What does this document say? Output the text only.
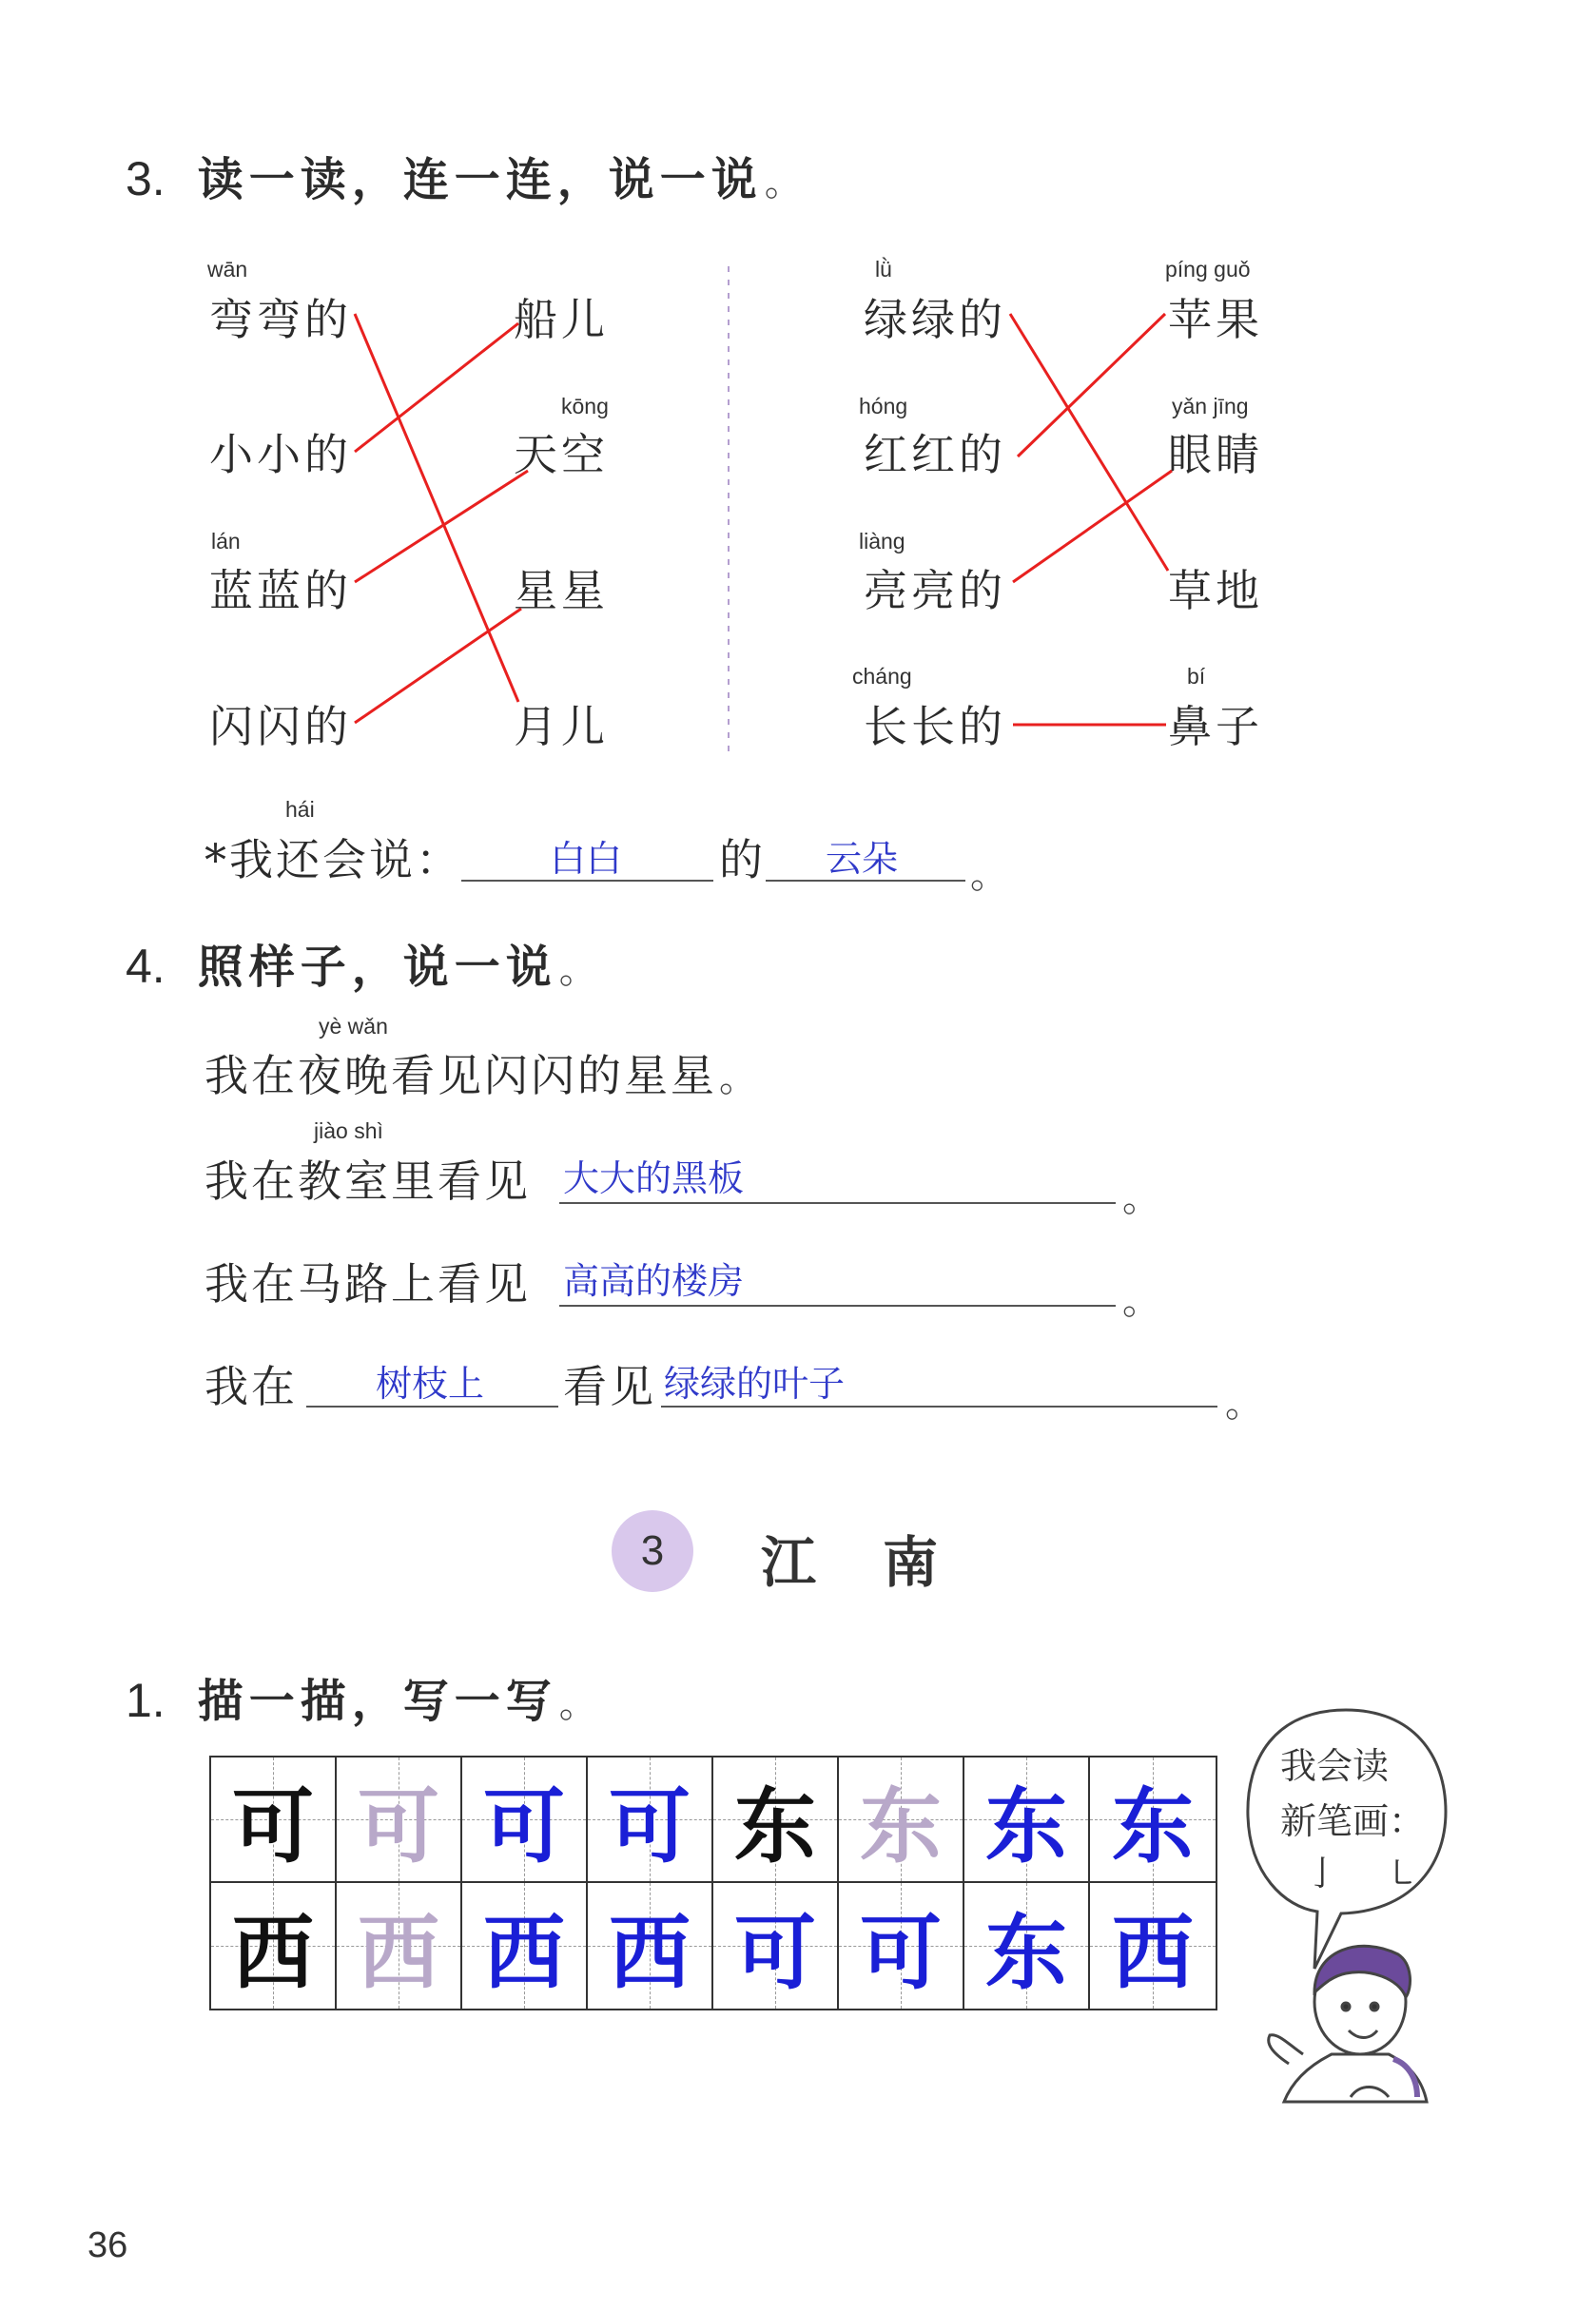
3. 读一读，连一连，说一说。
wān
弯弯的
小小的
lán
蓝蓝的
闪闪的
船儿
kōng
天空
星星
月儿
lǜ
绿绿的
hóng
红红的
liàng
亮亮的
cháng
长长的
píng guǒ
苹果
yǎn jīng
眼睛
草地
bí
鼻子
hái
*我还会说： 白白 的 云朵 。
4. 照样子，说一说。
yè wǎn
我在夜晚看见闪闪的星星。
jiào shì
我在教室里看见 大大的黑板	。
我在马路上看见 高高的楼房	。
我在 树枝上 看见 绿绿的叶子	。
3	江　南
1. 描一描，写一写。
可 可 可 可 东 东 东 东
西 西 西 西 可 可 东 西
我会读
新笔画：
亅 ㇄
36
